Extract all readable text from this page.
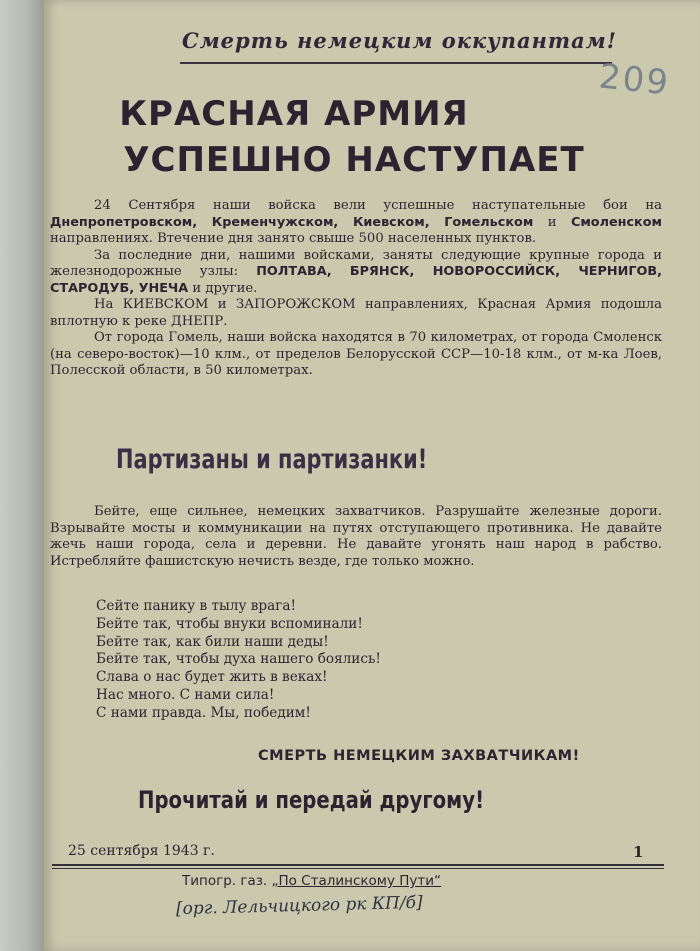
Смерть немецким оккупантам!
209
КРАСНАЯ АРМИЯ
УСПЕШНО НАСТУПАЕТ

24 Сентября наши войска вели успешные наступательные бои на Днепропетровском, Кременчужском, Киевском, Гомельском и Смоленском направлениях. Втечение дня занято свыше 500 населенных пунктов.

За последние дни, нашими войсками, заняты следующие крупные города и железнодорожные узлы: ПОЛТАВА, БРЯНСК, НОВОРОССИЙСК, ЧЕРНИГОВ, СТАРОДУБ, УНЕЧА и другие.

На КИЕВСКОМ и ЗАПОРОЖСКОМ направлениях, Красная Армия подошла вплотную к реке ДНЕПР.

От города Гомель, наши войска находятся в 70 километрах, от города Смоленск (на северо-восток)—10 клм., от пределов Белорусской ССР—10-18 клм., от м-ка Лоев, Полесской области, в 50 километрах.

Партизаны и партизанки!

Бейте, еще сильнее, немецких захватчиков. Разрушайте железные дороги. Взрывайте мосты и коммуникации на путях отступающего противника. Не давайте жечь наши города, села и деревни. Не давайте угонять наш народ в рабство. Истребляйте фашистскую нечисть везде, где только можно.

Сейте панику в тылу врага!
Бейте так, чтобы внуки вспоминали!
Бейте так, как били наши деды!
Бейте так, чтобы духа нашего боялись!
Слава о нас будет жить в веках!
Нас много. С нами сила!
С нами правда. Мы, победим!
СМЕРТЬ НЕМЕЦКИМ ЗАХВАТЧИКАМ!
Прочитай и передай другому!
25 сентября 1943 г.	1
Типогр. газ. „По Сталинскому Пути“
[орг. Лельчицкого рк КП/б]
